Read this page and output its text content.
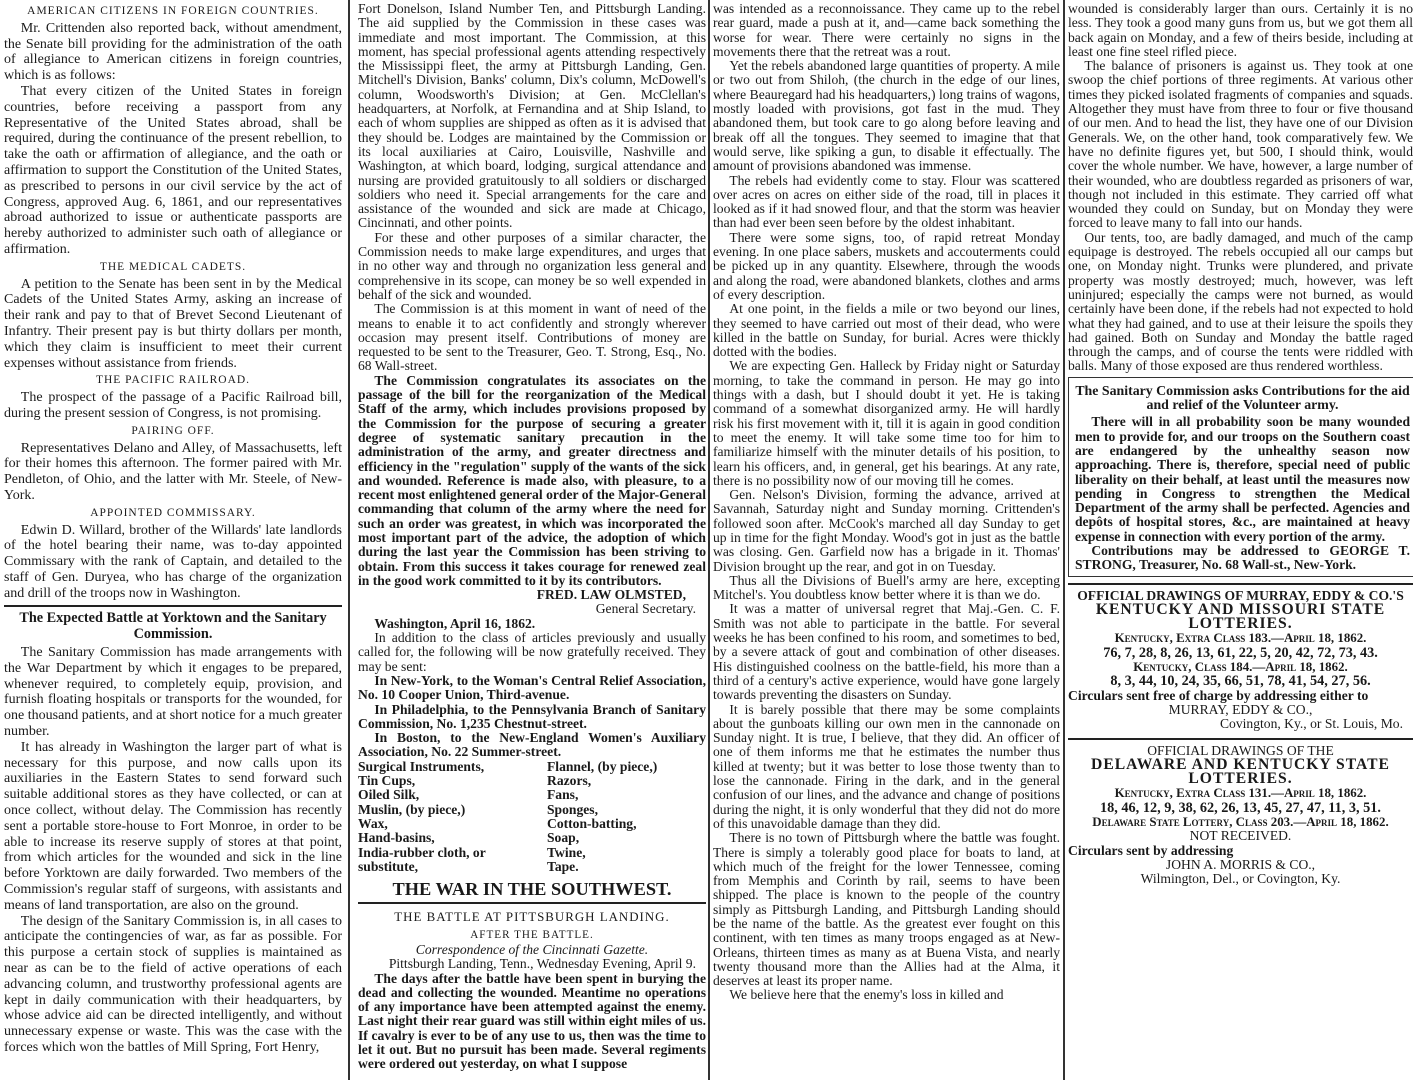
AMERICAN CITIZENS IN FOREIGN COUNTRIES.

Mr. Crittenden also reported back, without amendment, the Senate bill providing for the administration of the oath of allegiance to American citizens in foreign countries, which is as follows:

That every citizen of the United States in foreign countries, before receiving a passport from any Representative of the United States abroad, shall be required, during the continuance of the present rebellion, to take the oath or affirmation of allegiance, and the oath or affirmation to support the Constitution of the United States, as prescribed to persons in our civil service by the act of Congress, approved Aug. 6, 1861, and our representatives abroad authorized to issue or authenticate passports are hereby authorized to administer such oath of allegiance or affirmation.

THE MEDICAL CADETS.

A petition to the Senate has been sent in by the Medical Cadets of the United States Army, asking an increase of their rank and pay to that of Brevet Second Lieutenant of Infantry. Their present pay is but thirty dollars per month, which they claim is insufficient to meet their current expenses without assistance from friends.

THE PACIFIC RAILROAD.

The prospect of the passage of a Pacific Railroad bill, during the present session of Congress, is not promising.

PAIRING OFF.

Representatives Delano and Alley, of Massachusetts, left for their homes this afternoon. The former paired with Mr. Pendleton, of Ohio, and the latter with Mr. Steele, of New-York.

APPOINTED COMMISSARY.

Edwin D. Willard, brother of the Willards' late landlords of the hotel bearing their name, was to-day appointed Commissary with the rank of Captain, and detailed to the staff of Gen. Duryea, who has charge of the organization and drill of the troops now in Washington.

The Expected Battle at Yorktown and the Sanitary Commission.

The Sanitary Commission has made arrangements with the War Department by which it engages to be prepared, whenever required, to completely equip, provision, and furnish floating hospitals or transports for the wounded, for one thousand patients, and at short notice for a much greater number.

It has already in Washington the larger part of what is necessary for this purpose, and now calls upon its auxiliaries in the Eastern States to send forward such suitable additional stores as they have collected, or can at once collect, without delay. The Commission has recently sent a portable store-house to Fort Monroe, in order to be able to increase its reserve supply of stores at that point, from which articles for the wounded and sick in the line before Yorktown are daily forwarded. Two members of the Commission's regular staff of surgeons, with assistants and means of land transportation, are also on the ground.

The design of the Sanitary Commission is, in all cases to anticipate the contingencies of war, as far as possible. For this purpose a certain stock of supplies is maintained as near as can be to the field of active operations of each advancing column, and trustworthy professional agents are kept in daily communication with their headquarters, by whose advice aid can be directed intelligently, and without unnecessary expense or waste. This was the case with the forces which won the battles of Mill Spring, Fort Henry,

Fort Donelson, Island Number Ten, and Pittsburgh Landing. The aid supplied by the Commission in these cases was immediate and most important. The Commission, at this moment, has special professional agents attending respectively the Mississippi fleet, the army at Pittsburgh Landing, Gen. Mitchell's Division, Banks' column, Dix's column, McDowell's column, Woodsworth's Division; at Gen. McClellan's headquarters, at Norfolk, at Fernandina and at Ship Island, to each of whom supplies are shipped as often as it is advised that they should be. Lodges are maintained by the Commission or its local auxiliaries at Cairo, Louisville, Nashville and Washington, at which board, lodging, surgical attendance and nursing are provided gratuitously to all soldiers or discharged soldiers who need it. Special arrangements for the care and assistance of the wounded and sick are made at Chicago, Cincinnati, and other points.

For these and other purposes of a similar character, the Commission needs to make large expenditures, and urges that in no other way and through no organization less general and comprehensive in its scope, can money be so well expended in behalf of the sick and wounded.

The Commission is at this moment in want of need of the means to enable it to act confidently and strongly wherever occasion may present itself. Contributions of money are requested to be sent to the Treasurer, Geo. T. Strong, Esq., No. 68 Wall-street.

The Commission congratulates its associates on the passage of the bill for the reorganization of the Medical Staff of the army, which includes provisions proposed by the Commission for the purpose of securing a greater degree of systematic sanitary precaution in the administration of the army, and greater directness and efficiency in the "regulation" supply of the wants of the sick and wounded. Reference is made also, with pleasure, to a recent most enlightened general order of the Major-General commanding that column of the army where the need for such an order was greatest, in which was incorporated the most important part of the advice, the adoption of which during the last year the Commission has been striving to obtain. From this success it takes courage for renewed zeal in the good work committed to it by its contributors.

FRED. LAW OLMSTED,
General Secretary.

Washington, April 16, 1862.

In addition to the class of articles previously and usually called for, the following will be now gratefully received. They may be sent:

In New-York, to the Woman's Central Relief Association, No. 10 Cooper Union, Third-avenue.

In Philadelphia, to the Pennsylvania Branch of Sanitary Commission, No. 1,235 Chestnut-street.

In Boston, to the New-England Women's Auxiliary Association, No. 22 Summer-street.

Surgical Instruments,
Tin Cups,
Oiled Silk,
Muslin, (by piece,)
Wax,
Hand-basins,
India-rubber cloth, or substitute,
Flannel, (by piece,)
Razors,
Fans,
Sponges,
Cotton-batting,
Soap,
Twine,
Tape.
THE WAR IN THE SOUTHWEST.
THE BATTLE AT PITTSBURGH LANDING.
AFTER THE BATTLE.
Correspondence of the Cincinnati Gazette.
Pittsburgh Landing, Tenn., Wednesday Evening, April 9.

The days after the battle have been spent in burying the dead and collecting the wounded. Meantime no operations of any importance have been attempted against the enemy. Last night their rear guard was still within eight miles of us. If cavalry is ever to be of any use to us, then was the time to let it out. But no pursuit has been made. Several regiments were ordered out yesterday, on what I suppose

was intended as a reconnoissance. They came up to the rebel rear guard, made a push at it, and—came back something the worse for wear. There were certainly no signs in the movements there that the retreat was a rout.

Yet the rebels abandoned large quantities of property. A mile or two out from Shiloh, (the church in the edge of our lines, where Beauregard had his headquarters,) long trains of wagons, mostly loaded with provisions, got fast in the mud. They abandoned them, but took care to go along before leaving and break off all the tongues. They seemed to imagine that that would serve, like spiking a gun, to disable it effectually. The amount of provisions abandoned was immense.

The rebels had evidently come to stay. Flour was scattered over acres on acres on either side of the road, till in places it looked as if it had snowed flour, and that the storm was heavier than had ever been seen before by the oldest inhabitant.

There were some signs, too, of rapid retreat Monday evening. In one place sabers, muskets and accouterments could be picked up in any quantity. Elsewhere, through the woods and along the road, were abandoned blankets, clothes and arms of every description.

At one point, in the fields a mile or two beyond our lines, they seemed to have carried out most of their dead, who were killed in the battle on Sunday, for burial. Acres were thickly dotted with the bodies.

We are expecting Gen. Halleck by Friday night or Saturday morning, to take the command in person. He may go into things with a dash, but I should doubt it yet. He is taking command of a somewhat disorganized army. He will hardly risk his first movement with it, till it is again in good condition to meet the enemy. It will take some time too for him to familiarize himself with the minuter details of his position, to learn his officers, and, in general, get his bearings. At any rate, there is no possibility now of our moving till he comes.

Gen. Nelson's Division, forming the advance, arrived at Savannah, Saturday night and Sunday morning. Crittenden's followed soon after. McCook's marched all day Sunday to get up in time for the fight Monday. Wood's got in just as the battle was closing. Gen. Garfield now has a brigade in it. Thomas' Division brought up the rear, and got in on Tuesday.

Thus all the Divisions of Buell's army are here, excepting Mitchel's. You doubtless know better where it is than we do.

It was a matter of universal regret that Maj.-Gen. C. F. Smith was not able to participate in the battle. For several weeks he has been confined to his room, and sometimes to bed, by a severe attack of gout and combination of other diseases. His distinguished coolness on the battle-field, his more than a third of a century's active experience, would have gone largely towards preventing the disasters on Sunday.

It is barely possible that there may be some complaints about the gunboats killing our own men in the cannonade on Sunday night. It is true, I believe, that they did. An officer of one of them informs me that he estimates the number thus killed at twenty; but it was better to lose those twenty than to lose the cannonade. Firing in the dark, and in the general confusion of our lines, and the advance and change of positions during the night, it is only wonderful that they did not do more of this unavoidable damage than they did.

There is no town of Pittsburgh where the battle was fought. There is simply a tolerably good place for boats to land, at which much of the freight for the lower Tennessee, coming from Memphis and Corinth by rail, seems to have been shipped. The place is known to the people of the country simply as Pittsburgh Landing, and Pittsburgh Landing should be the name of the battle. As the greatest ever fought on this continent, with ten times as many troops engaged as at New-Orleans, thirteen times as many as at Buena Vista, and nearly twenty thousand more than the Allies had at the Alma, it deserves at least its proper name.

We believe here that the enemy's loss in killed and

wounded is considerably larger than ours. Certainly it is no less. They took a good many guns from us, but we got them all back again on Monday, and a few of theirs beside, including at least one fine steel rifled piece.

The balance of prisoners is against us. They took at one swoop the chief portions of three regiments. At various other times they picked isolated fragments of companies and squads. Altogether they must have from three to four or five thousand of our men. And to head the list, they have one of our Division Generals. We, on the other hand, took comparatively few. We have no definite figures yet, but 500, I should think, would cover the whole number. We have, however, a large number of their wounded, who are doubtless regarded as prisoners of war, though not included in this estimate. They carried off what wounded they could on Sunday, but on Monday they were forced to leave many to fall into our hands.

Our tents, too, are badly damaged, and much of the camp equipage is destroyed. The rebels occupied all our camps but one, on Monday night. Trunks were plundered, and private property was mostly destroyed; much, however, was left uninjured; especially the camps were not burned, as would certainly have been done, if the rebels had not expected to hold what they had gained, and to use at their leisure the spoils they had gained. Both on Sunday and Monday the battle raged through the camps, and of course the tents were riddled with balls. Many of those exposed are thus rendered worthless.

The Sanitary Commission asks Contributions for the aid and relief of the Volunteer army.

There will in all probability soon be many wounded men to provide for, and our troops on the Southern coast are endangered by the unhealthy season now approaching. There is, therefore, special need of public liberality on their behalf, at least until the measures now pending in Congress to strengthen the Medical Department of the army shall be perfected. Agencies and depôts of hospital stores, &c., are maintained at heavy expense in connection with every portion of the army.

Contributions may be addressed to GEORGE T. STRONG, Treasurer, No. 68 Wall-st., New-York.

OFFICIAL DRAWINGS OF MURRAY, EDDY & CO.'S
KENTUCKY AND MISSOURI STATE
LOTTERIES.
Kentucky, Extra Class 183.—April 18, 1862.
76, 7, 28, 8, 26, 13, 61, 22, 5, 20, 42, 72, 73, 43.
Kentucky, Class 184.—April 18, 1862.
8, 3, 44, 10, 24, 35, 66, 51, 78, 41, 54, 27, 56.
Circulars sent free of charge by addressing either to
MURRAY, EDDY & CO.,
Covington, Ky., or St. Louis, Mo.
OFFICIAL DRAWINGS OF THE
DELAWARE AND KENTUCKY STATE
LOTTERIES.
Kentucky, Extra Class 131.—April 18, 1862.
18, 46, 12, 9, 38, 62, 26, 13, 45, 27, 47, 11, 3, 51.
Delaware State Lottery, Class 203.—April 18, 1862.
NOT RECEIVED.
Circulars sent by addressing
JOHN A. MORRIS & CO.,
Wilmington, Del., or Covington, Ky.
